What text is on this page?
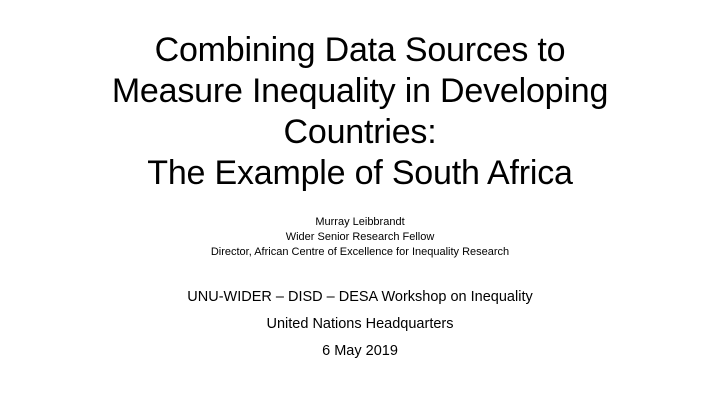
Combining Data Sources to
Measure Inequality in Developing
Countries:
The Example of South Africa
Murray Leibbrandt
Wider Senior Research Fellow
Director, African Centre of Excellence for Inequality Research
UNU-WIDER – DISD – DESA Workshop on Inequality
United Nations Headquarters
6 May 2019
